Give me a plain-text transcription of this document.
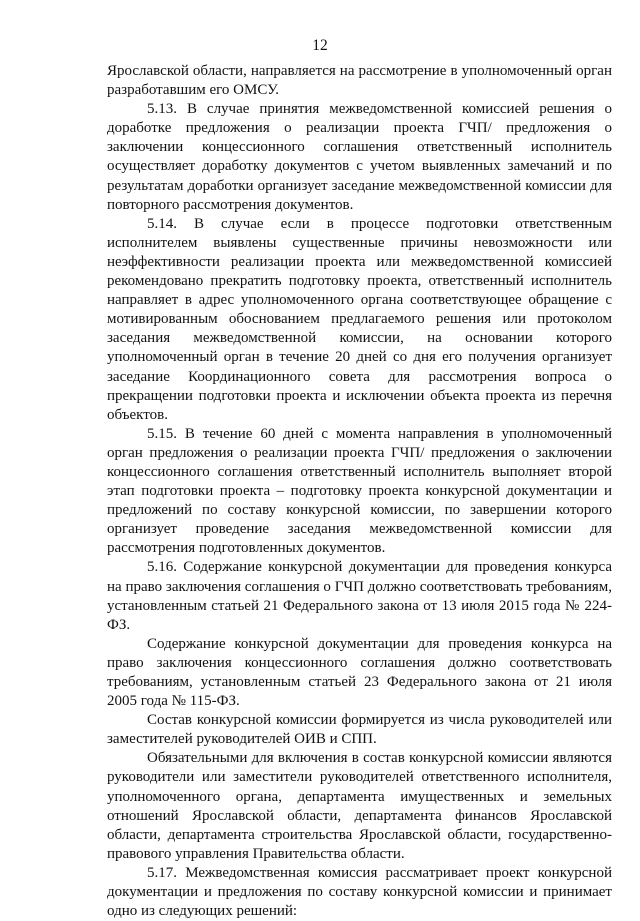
12

Ярославской области, направляется на рассмотрение в уполномоченный орган разработавшим его ОМСУ.

5.13. В случае принятия межведомственной комиссией решения о доработке предложения о реализации проекта ГЧП/ предложения о заключении концессионного соглашения ответственный исполнитель осуществляет доработку документов с учетом выявленных замечаний и по результатам доработки организует заседание межведомственной комиссии для повторного рассмотрения документов.

5.14. В случае если в процессе подготовки ответственным исполнителем выявлены существенные причины невозможности или неэффективности реализации проекта или межведомственной комиссией рекомендовано прекратить подготовку проекта, ответственный исполнитель направляет в адрес уполномоченного органа соответствующее обращение с мотивированным обоснованием предлагаемого решения или протоколом заседания межведомственной комиссии, на основании которого уполномоченный орган в течение 20 дней со дня его получения организует заседание Координационного совета для рассмотрения вопроса о прекращении подготовки проекта и исключении объекта проекта из перечня объектов.

5.15. В течение 60 дней с момента направления в уполномоченный орган предложения о реализации проекта ГЧП/ предложения о заключении концессионного соглашения ответственный исполнитель выполняет второй этап подготовки проекта – подготовку проекта конкурсной документации и предложений по составу конкурсной комиссии, по завершении которого организует проведение заседания межведомственной комиссии для рассмотрения подготовленных документов.

5.16. Содержание конкурсной документации для проведения конкурса на право заключения соглашения о ГЧП должно соответствовать требованиям, установленным статьей 21 Федерального закона от 13 июля 2015 года № 224-ФЗ.

Содержание конкурсной документации для проведения конкурса на право заключения концессионного соглашения должно соответствовать требованиям, установленным статьей 23 Федерального закона от 21 июля 2005 года № 115-ФЗ.

Состав конкурсной комиссии формируется из числа руководителей или заместителей руководителей ОИВ и СПП.

Обязательными для включения в состав конкурсной комиссии являются руководители или заместители руководителей ответственного исполнителя, уполномоченного органа, департамента имущественных и земельных отношений Ярославской области, департамента финансов Ярославской области, департамента строительства Ярославской области, государственно-правового управления Правительства области.

5.17. Межведомственная комиссия рассматривает проект конкурсной документации и предложения по составу конкурсной комиссии и принимает одно из следующих решений:
